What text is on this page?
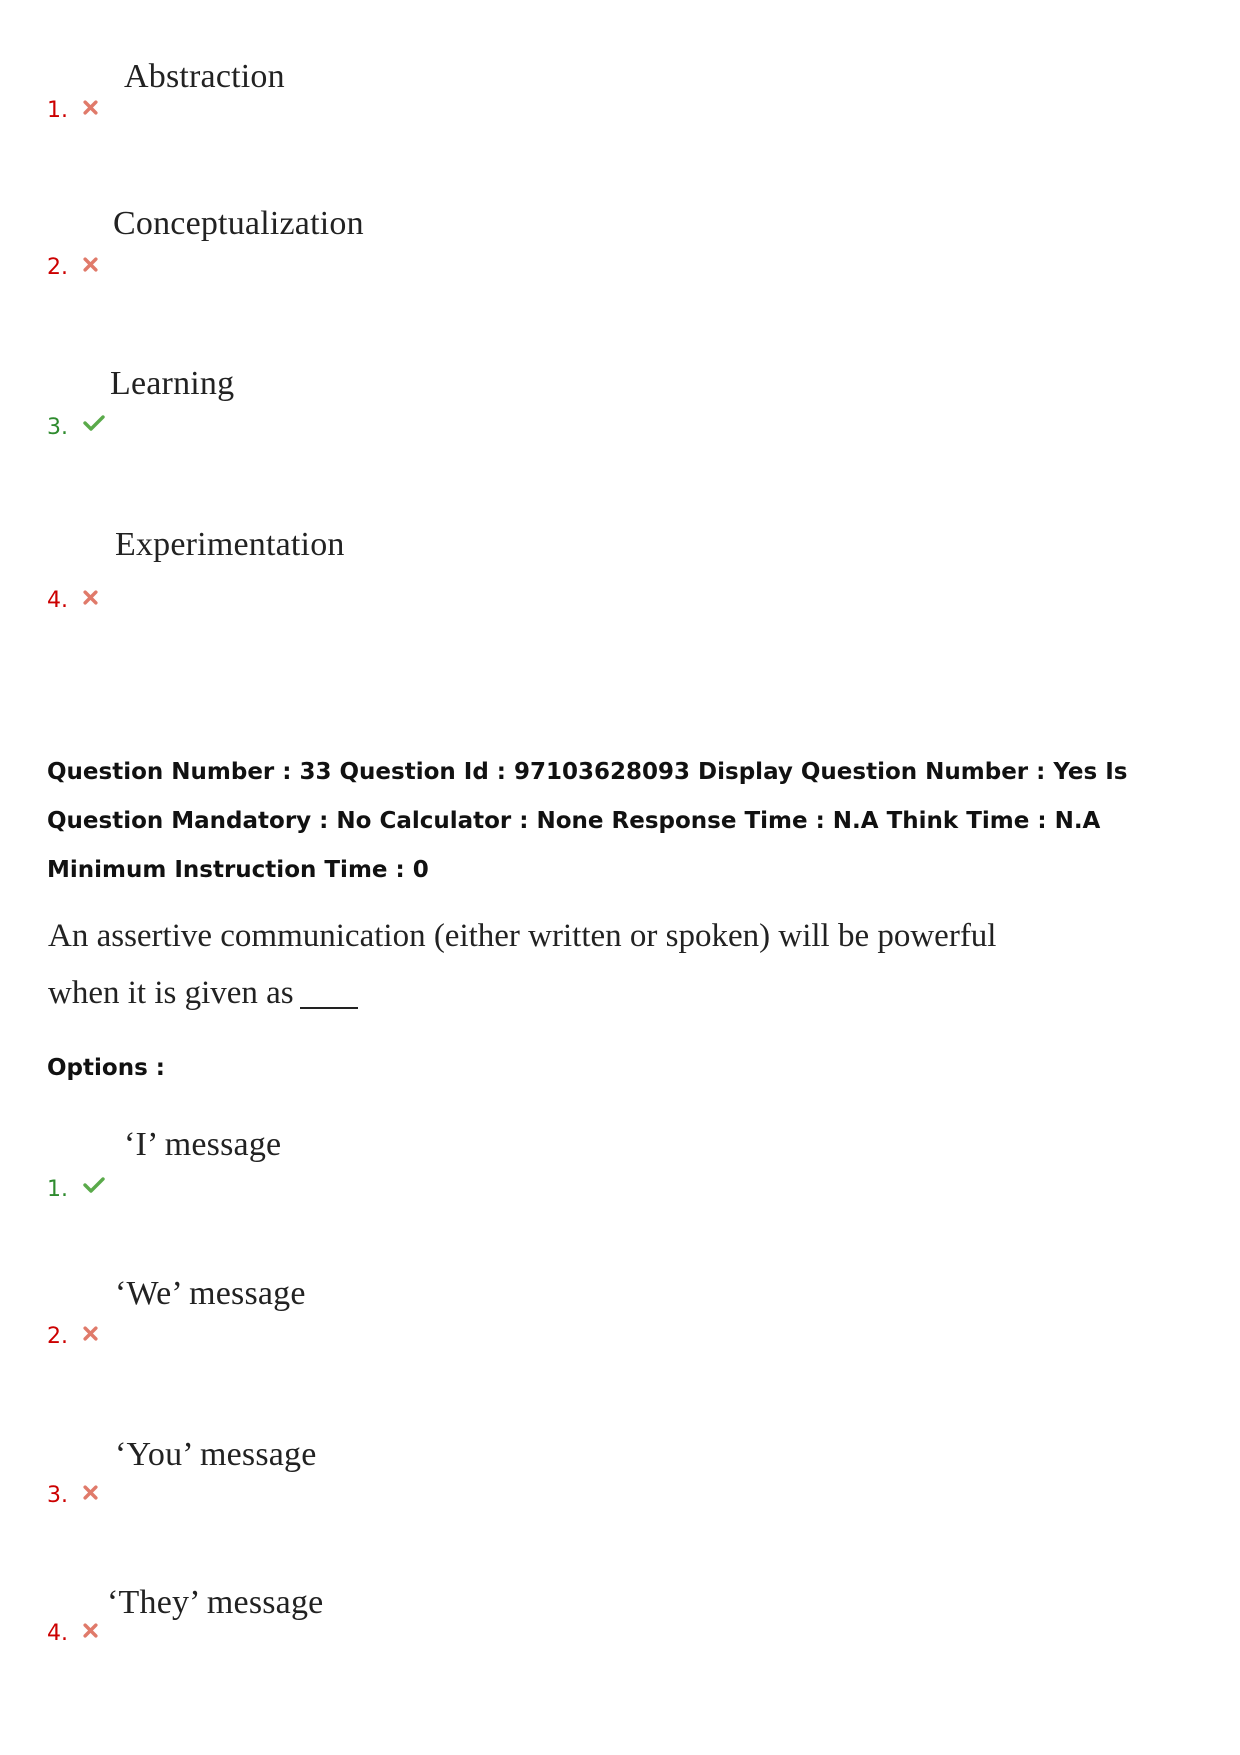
Abstraction
1.
Conceptualization
2.
Learning
3.
Experimentation
4.
Question Number : 33 Question Id : 97103628093 Display Question Number : Yes Is Question Mandatory : No Calculator : None Response Time : N.A Think Time : N.A Minimum Instruction Time : 0
An assertive communication (either written or spoken) will be powerful
when it is given as
Options :
‘I’ message
1.
‘We’ message
2.
‘You’ message
3.
‘They’ message
4.
